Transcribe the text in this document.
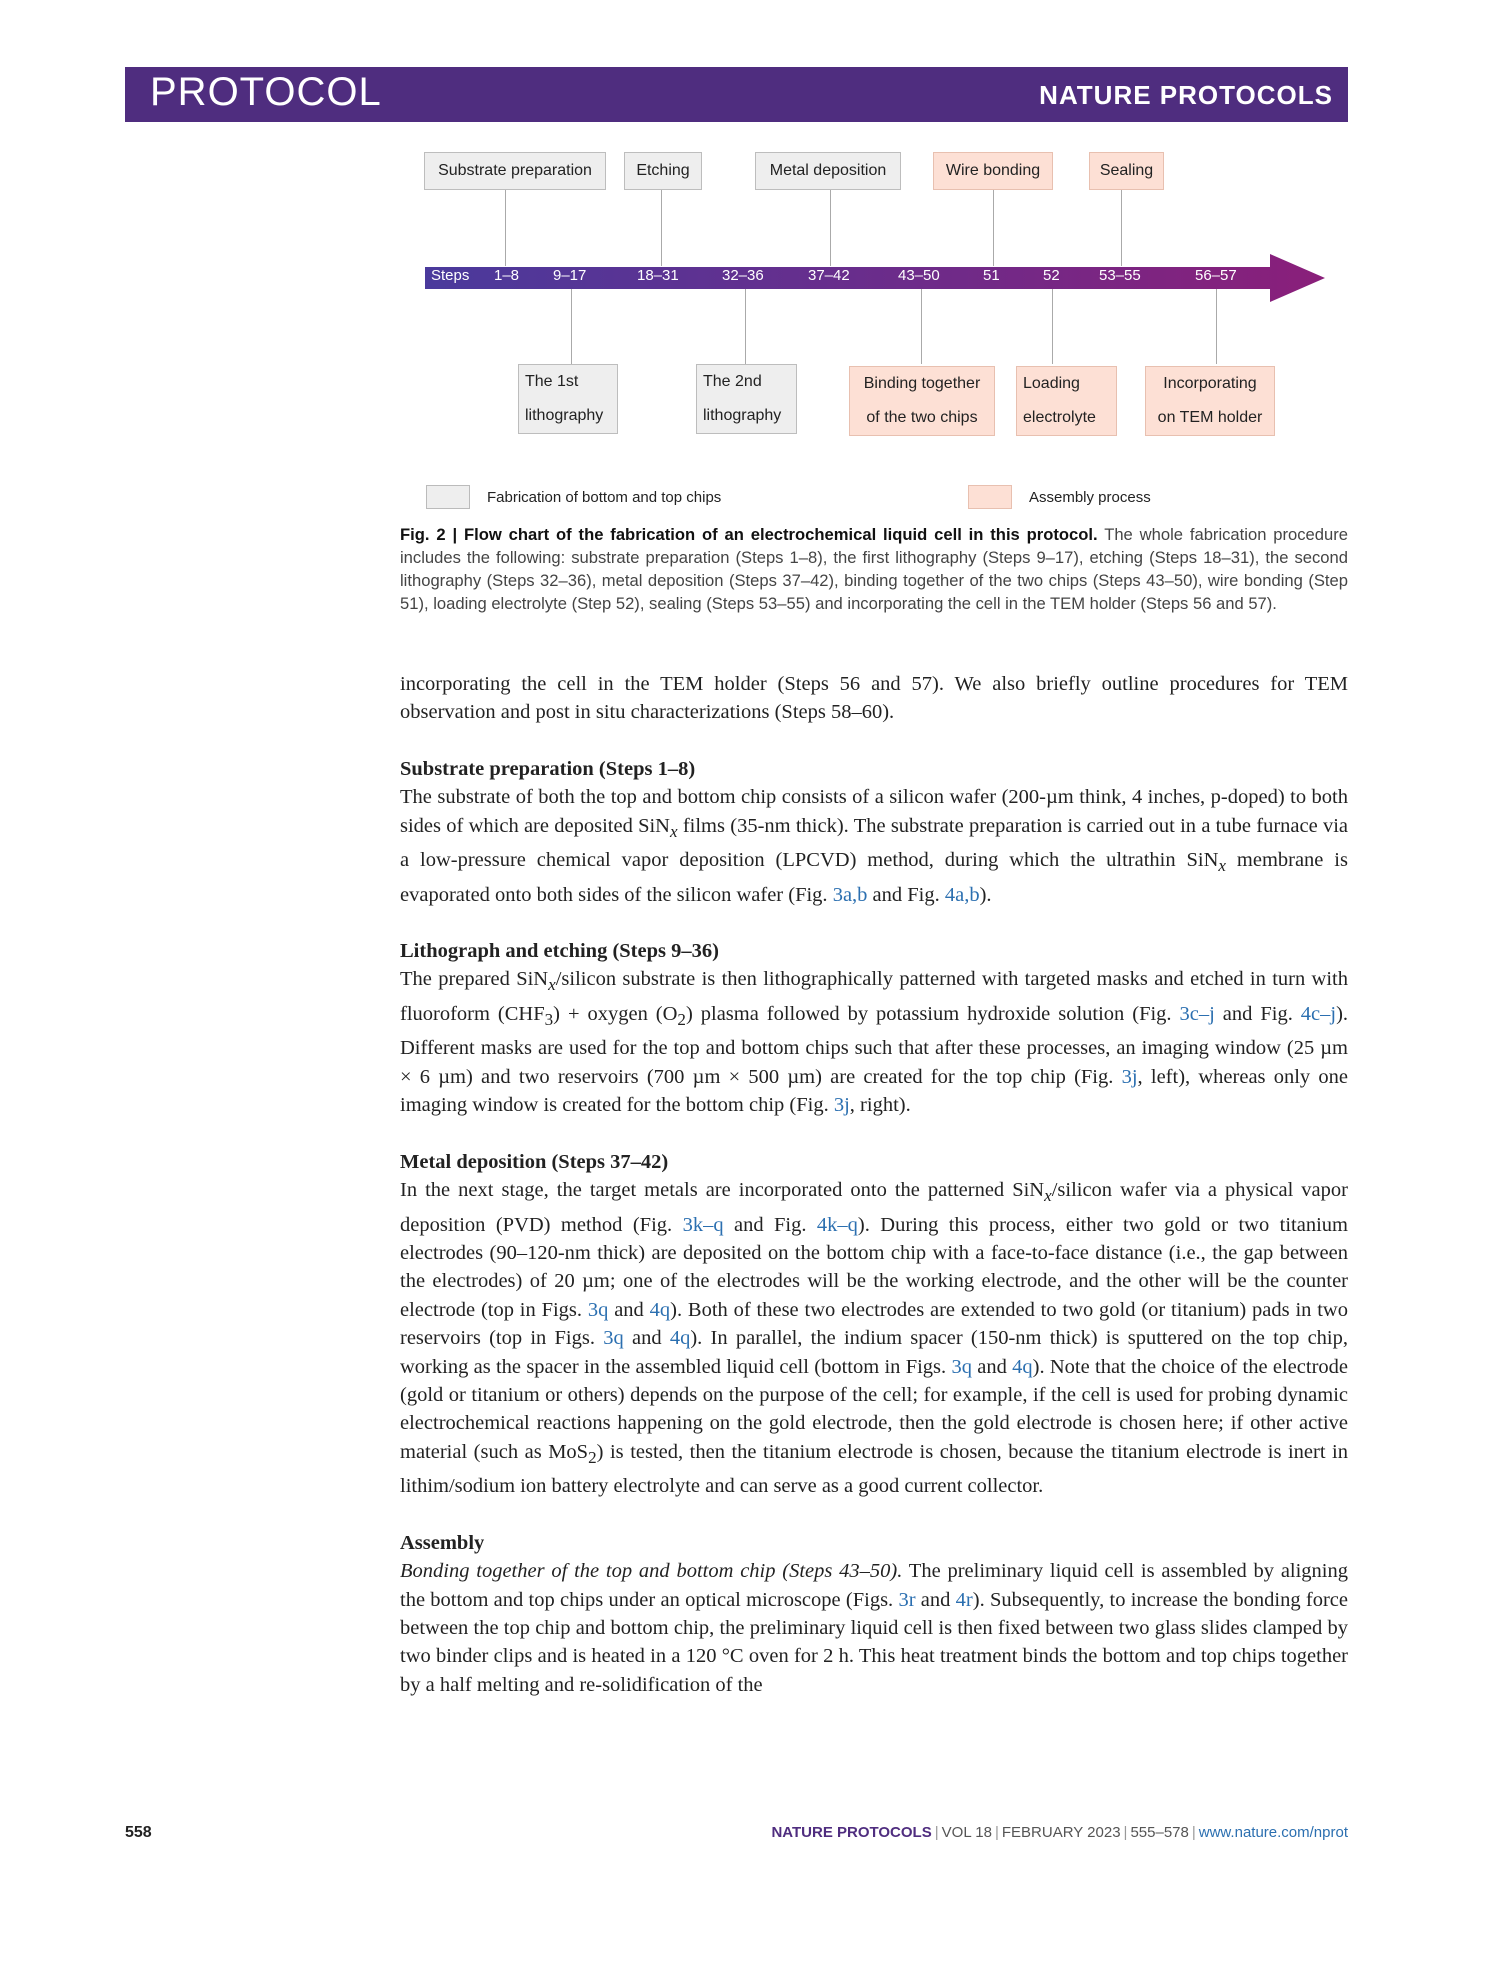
PROTOCOL	NATURE PROTOCOLS
Substrate preparation	Etching	Metal deposition	Wire bonding	Sealing
Steps 1–8 9–17	18–31	32–36	37–42	43–50	51	52	53–55	56–57
The 1st
lithography
The 2nd
lithography
Binding together
of the two chips
Loading
electrolyte
Incorporating
on TEM holder
Fabrication of bottom and top chips	Assembly process
Fig. 2 | Flow chart of the fabrication of an electrochemical liquid cell in this protocol. The whole fabrication procedure includes the following: substrate preparation (Steps 1–8), the first lithography (Steps 9–17), etching (Steps 18–31), the second lithography (Steps 32–36), metal deposition (Steps 37–42), binding together of the two chips (Steps 43–50), wire bonding (Step 51), loading electrolyte (Step 52), sealing (Steps 53–55) and incorporating the cell in the TEM holder (Steps 56 and 57).

incorporating the cell in the TEM holder (Steps 56 and 57). We also briefly outline procedures for TEM observation and post in situ characterizations (Steps 58–60).

Substrate preparation (Steps 1–8)

The substrate of both the top and bottom chip consists of a silicon wafer (200-µm think, 4 inches, p-doped) to both sides of which are deposited SiN$_x$ films (35-nm thick). The substrate preparation is carried out in a tube furnace via a low-pressure chemical vapor deposition (LPCVD) method, during which the ultrathin SiN$_x$ membrane is evaporated onto both sides of the silicon wafer (Fig. 3a,b and Fig. 4a,b).

Lithograph and etching (Steps 9–36)

The prepared SiN$_x$/silicon substrate is then lithographically patterned with targeted masks and etched in turn with fluoroform $(CHF_3)$ + oxygen $(O_2)$ plasma followed by potassium hydroxide solution (Fig. 3c–j and Fig. 4c–j). Different masks are used for the top and bottom chips such that after these processes, an imaging window (25 µm × 6 µm) and two reservoirs (700 µm × 500 µm) are created for the top chip (Fig. 3j, left), whereas only one imaging window is created for the bottom chip (Fig. 3j, right).

Metal deposition (Steps 37–42)

In the next stage, the target metals are incorporated onto the patterned SiN$_x$/silicon wafer via a physical vapor deposition (PVD) method (Fig. 3k–q and Fig. 4k–q). During this process, either two gold or two titanium electrodes (90–120-nm thick) are deposited on the bottom chip with a face-to-face distance (i.e., the gap between the electrodes) of 20 µm; one of the electrodes will be the working electrode, and the other will be the counter electrode (top in Figs. 3q and 4q). Both of these two electrodes are extended to two gold (or titanium) pads in two reservoirs (top in Figs. 3q and 4q). In parallel, the indium spacer (150-nm thick) is sputtered on the top chip, working as the spacer in the assembled liquid cell (bottom in Figs. 3q and 4q). Note that the choice of the electrode (gold or titanium or others) depends on the purpose of the cell; for example, if the cell is used for probing dynamic electrochemical reactions happening on the gold electrode, then the gold electrode is chosen here; if other active material (such as MoS$_2$) is tested, then the titanium electrode is chosen, because the titanium electrode is inert in lithim/sodium ion battery electrolyte and can serve as a good current collector.

Assembly

Bonding together of the top and bottom chip (Steps 43–50). The preliminary liquid cell is assembled by aligning the bottom and top chips under an optical microscope (Figs. 3r and 4r). Subsequently, to increase the bonding force between the top chip and bottom chip, the preliminary liquid cell is then fixed between two glass slides clamped by two binder clips and is heated in a 120 °C oven for 2 h. This heat treatment binds the bottom and top chips together by a half melting and re-solidification of the

558	NATURE PROTOCOLS | VOL 18 | FEBRUARY 2023 | 555–578 | www.nature.com/nprot
